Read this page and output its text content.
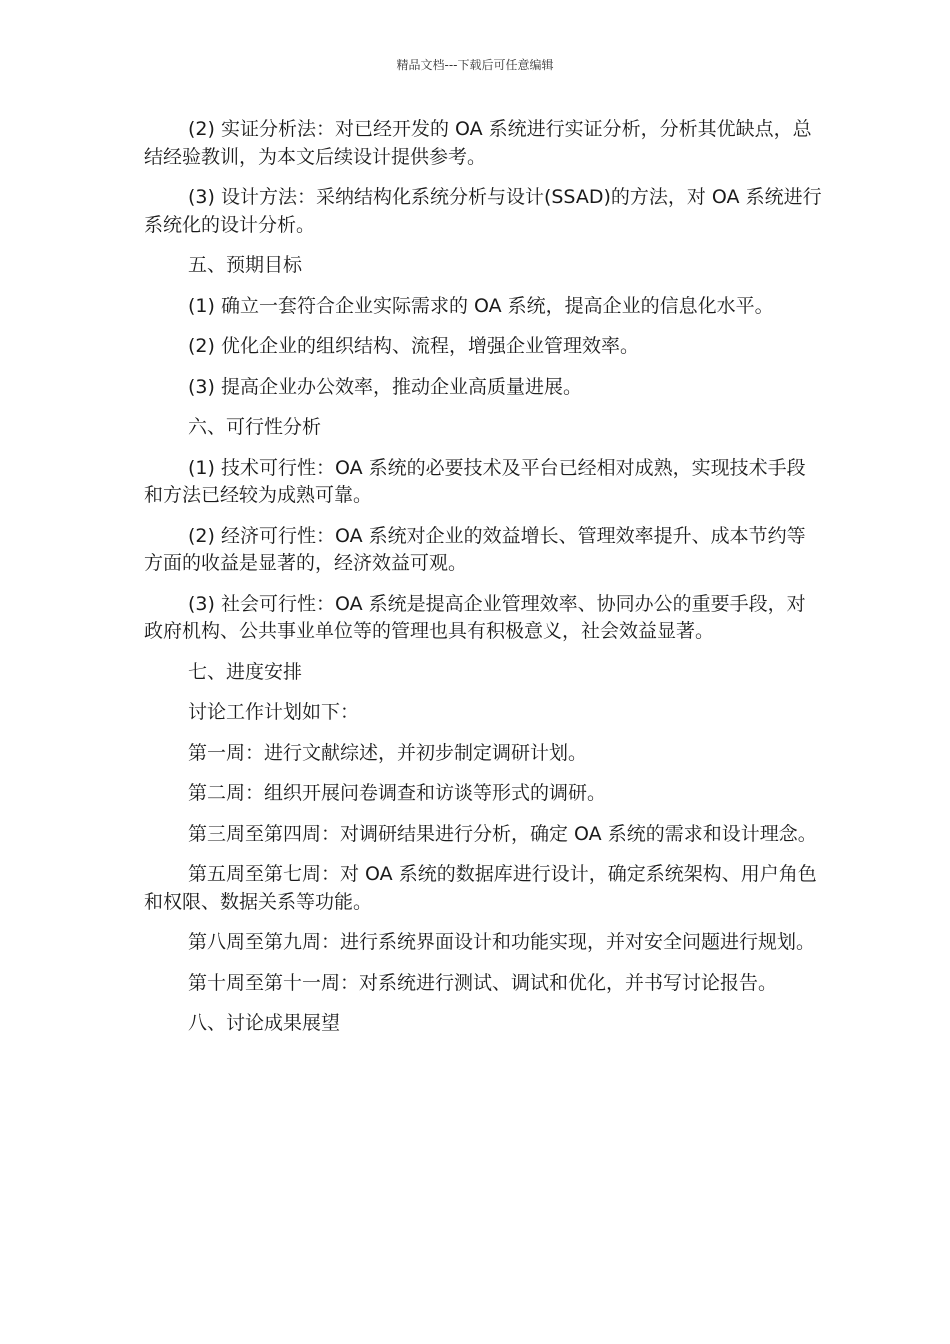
精品文档---下载后可任意编辑

(2) 实证分析法：对已经开发的 OA 系统进行实证分析，分析其优缺点，总结经验教训，为本文后续设计提供参考。

(3) 设计方法：采纳结构化系统分析与设计(SSAD)的方法，对 OA 系统进行系统化的设计分析。

五、预期目标

(1) 确立一套符合企业实际需求的 OA 系统，提高企业的信息化水平。

(2) 优化企业的组织结构、流程，增强企业管理效率。

(3) 提高企业办公效率，推动企业高质量进展。

六、可行性分析

(1) 技术可行性：OA 系统的必要技术及平台已经相对成熟，实现技术手段和方法已经较为成熟可靠。

(2) 经济可行性：OA 系统对企业的效益增长、管理效率提升、成本节约等方面的收益是显著的，经济效益可观。

(3) 社会可行性：OA 系统是提高企业管理效率、协同办公的重要手段，对政府机构、公共事业单位等的管理也具有积极意义，社会效益显著。

七、进度安排

讨论工作计划如下：

第一周：进行文献综述，并初步制定调研计划。

第二周：组织开展问卷调查和访谈等形式的调研。

第三周至第四周：对调研结果进行分析，确定 OA 系统的需求和设计理念。

第五周至第七周：对 OA 系统的数据库进行设计，确定系统架构、用户角色和权限、数据关系等功能。

第八周至第九周：进行系统界面设计和功能实现，并对安全问题进行规划。

第十周至第十一周：对系统进行测试、调试和优化，并书写讨论报告。

八、讨论成果展望
